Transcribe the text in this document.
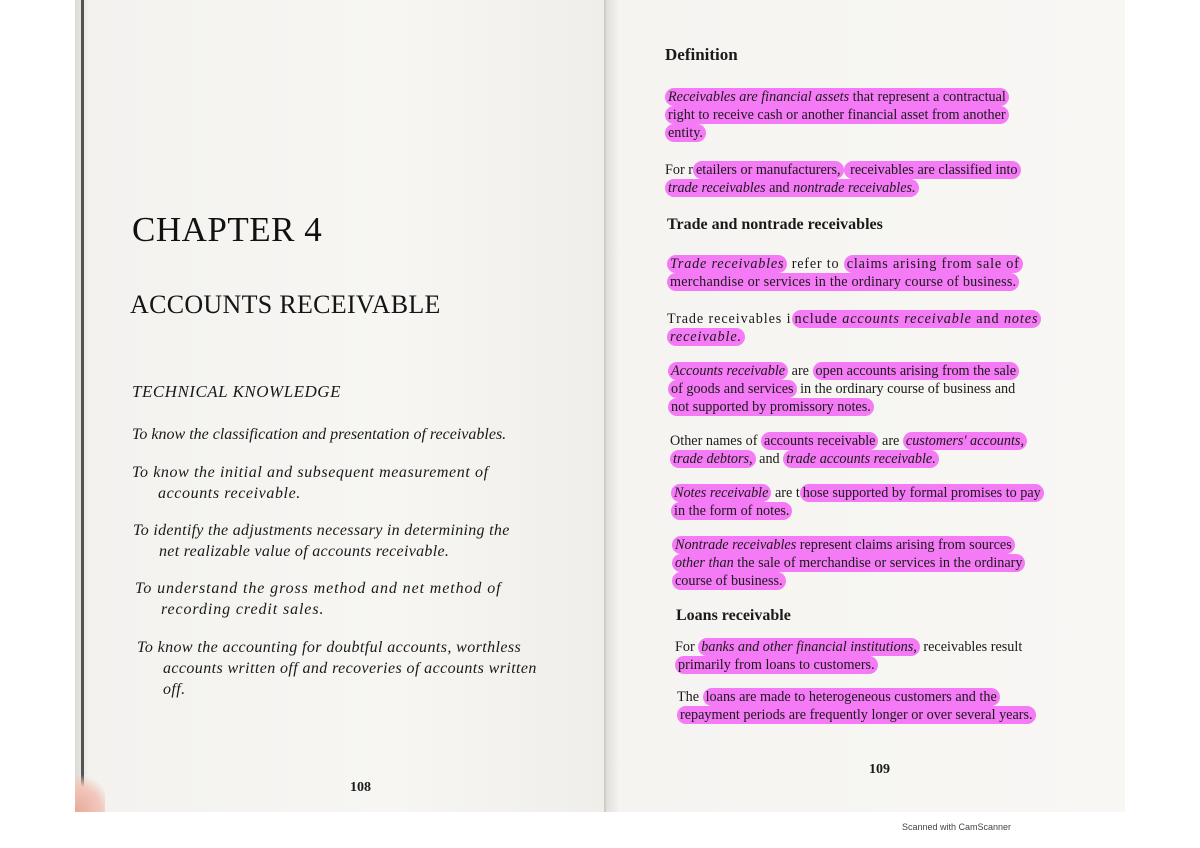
CHAPTER 4
ACCOUNTS RECEIVABLE
TECHNICAL KNOWLEDGE
To know the classification and presentation of receivables.
To know the initial and subsequent measurement of
accounts receivable.
To identify the adjustments necessary in determining the
net realizable value of accounts receivable.
To understand the gross method and net method of
recording credit sales.
To know the accounting for doubtful accounts, worthless
accounts written off and recoveries of accounts written
off.
108
Definition
Receivables are financial assets that represent a contractual
right to receive cash or another financial asset from another
entity.
For r etailers or manufacturers, receivables are classified into
trade receivables and nontrade receivables.
Trade and nontrade receivables
Trade receivables refer to claims arising from sale of
merchandise or services in the ordinary course of business.
Trade receivables i nclude accounts receivable and notes
receivable.
Accounts receivable are open accounts arising from the sale
of goods and services in the ordinary course of business and
not supported by promissory notes.
Other names of accounts receivable are customers' accounts,
trade debtors, and trade accounts receivable.
Notes receivable are t hose supported by formal promises to pay
in the form of notes.
Nontrade receivables represent claims arising from sources
other than the sale of merchandise or services in the ordinary
course of business.
Loans receivable
For banks and other financial institutions, receivables result
primarily from loans to customers.
The loans are made to heterogeneous customers and the
repayment periods are frequently longer or over several years.
109
Scanned with CamScanner
